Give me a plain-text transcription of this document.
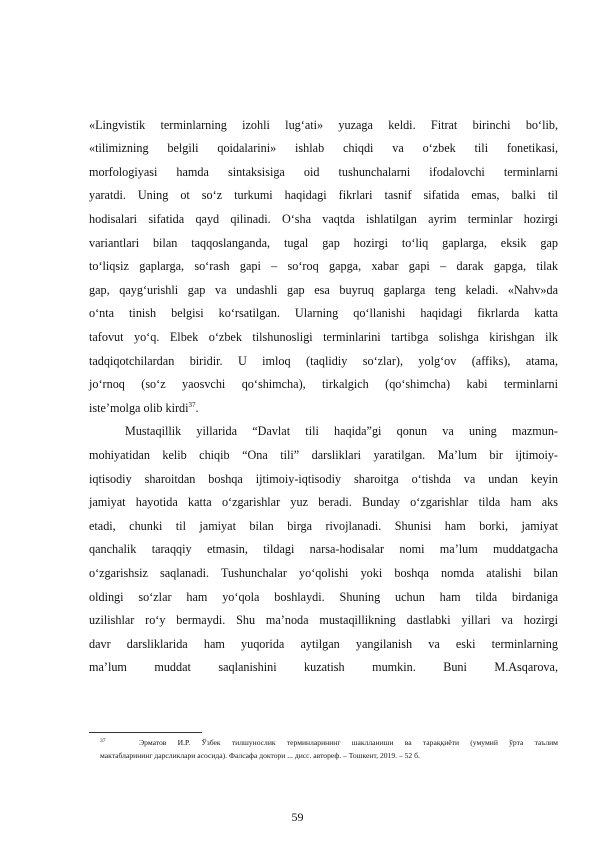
«Lingvistik terminlarning izohli lug‘ati» yuzaga keldi. Fitrat birinchi bo‘lib,
«tilimizning belgili qoidalarini» ishlab chiqdi va o‘zbek tili fonetikasi,
morfologiyasi hamda sintaksisiga oid tushunchalarni ifodalovchi terminlarni
yaratdi. Uning ot so‘z turkumi haqidagi fikrlari tasnif sifatida emas, balki til
hodisalari sifatida qayd qilinadi. O‘sha vaqtda ishlatilgan ayrim terminlar hozirgi
variantlari bilan taqqoslanganda, tugal gap hozirgi to‘liq gaplarga, eksik gap
to‘liqsiz gaplarga, so‘rash gapi – so‘roq gapga, xabar gapi – darak gapga, tilak
gap, qayg‘urishli gap va undashli gap esa buyruq gaplarga teng keladi. «Nahv»da
o‘nta tinish belgisi ko‘rsatilgan. Ularning qo‘llanishi haqidagi fikrlarda katta
tafovut yo‘q. Elbek o‘zbek tilshunosligi terminlarini tartibga solishga kirishgan ilk
tadqiqotchilardan biridir. U imloq (taqlidiy so‘zlar), yolg‘ov (affiks), atama,
jo‘rnoq (so‘z yaosvchi qo‘shimcha), tirkalgich (qo‘shimcha) kabi terminlarni
iste’molga olib kirdi$^{37}$.
Mustaqillik yillarida “Davlat tili haqida”gi qonun va uning mazmun-
mohiyatidan kelib chiqib “Ona tili” darsliklari yaratilgan. Ma’lum bir ijtimoiy-
iqtisodiy sharoitdan boshqa ijtimoiy-iqtisodiy sharoitga o‘tishda va undan keyin
jamiyat hayotida katta o‘zgarishlar yuz beradi. Bunday o‘zgarishlar tilda ham aks
etadi, chunki til jamiyat bilan birga rivojlanadi. Shunisi ham borki, jamiyat
qanchalik taraqqiy etmasin, tildagi narsa-hodisalar nomi ma’lum muddatgacha
o‘zgarishsiz saqlanadi. Tushunchalar yo‘qolishi yoki boshqa nomda atalishi bilan
oldingi so‘zlar ham yo‘qola boshlaydi. Shuning uchun ham tilda birdaniga
uzilishlar ro‘y bermaydi. Shu ma’noda mustaqillikning dastlabki yillari va hozirgi
davr darsliklarida ham yuqorida aytilgan yangilanish va eski terminlarning
ma’lum muddat saqlanishini kuzatish mumkin. Buni M.Asqarova,
$^{37}$	Эрматов И.Р. Ўзбек тилшунослик терминларининг шаклланиши ва тараққиёти (умумий ўрта таълим
мактабларининг дарсликлари асосида). Фалсафа доктори ... дисс. автореф. – Тошкент, 2019. – 52 б.
59
